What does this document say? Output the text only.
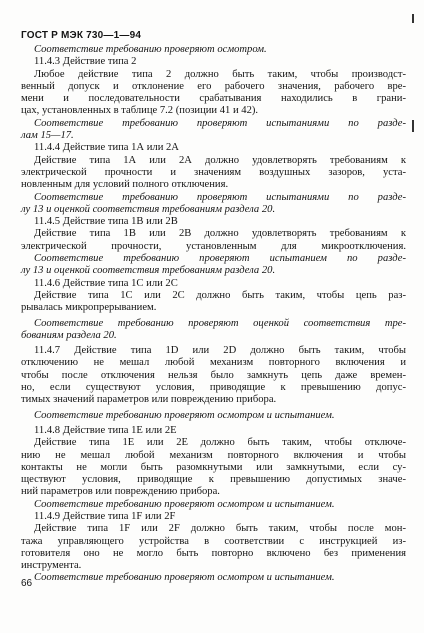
ГОСТ Р МЭК 730—1—94
Соответствие требованию проверяют осмотром.
11.4.3 Действие типа 2
Любое действие типа 2 должно быть таким, чтобы производст-
венный допуск и отклонение его рабочего значения, рабочего вре-
мени и последовательности срабатывания находились в грани-
цах, установленных в таблице 7.2 (позиции 41 и 42).
Соответствие требованию проверяют испытаниями по разде-
лам 15—17.
11.4.4 Действие типа 1А или 2А
Действие типа 1А или 2А должно удовлетворять требованиям к
электрической прочности и значениям воздушных зазоров, уста-
новленным для условий полного отключения.
Соответствие требованию проверяют испытаниями по разде-
лу 13 и оценкой соответствия требованиям раздела 20.
11.4.5 Действие типа 1В или 2В
Действие типа 1В или 2В должно удовлетворять требованиям к
электрической прочности, установленным для микроотключения.
Соответствие требованию проверяют испытанием по разде-
лу 13 и оценкой соответствия требованиям раздела 20.
11.4.6 Действие типа 1С или 2С
Действие типа 1С или 2С должно быть таким, чтобы цепь раз-
рывалась микропрерыванием.
Соответствие требованию проверяют оценкой соответствия тре-
бованиям раздела 20.
11.4.7 Действие типа 1D или 2D должно быть таким, чтобы
отключению не мешал любой механизм повторного включения и
чтобы после отключения нельзя было замкнуть цепь даже времен-
но, если существуют условия, приводящие к превышению допус-
тимых значений параметров или повреждению прибора.
Соответствие требованию проверяют осмотром и испытанием.
11.4.8 Действие типа 1Е или 2Е
Действие типа 1Е или 2Е должно быть таким, чтобы отключе-
нию не мешал любой механизм повторного включения и чтобы
контакты не могли быть разомкнутыми или замкнутыми, если су-
ществуют условия, приводящие к превышению допустимых значе-
ний параметров или повреждению прибора.
Соответствие требованию проверяют осмотром и испытанием.
11.4.9 Действие типа 1F или 2F
Действие типа 1F или 2F должно быть таким, чтобы после мон-
тажа управляющего устройства в соответствии с инструкцией из-
готовителя оно не могло быть повторно включено без применения
инструмента.
Соответствие требованию проверяют осмотром и испытанием.
66
